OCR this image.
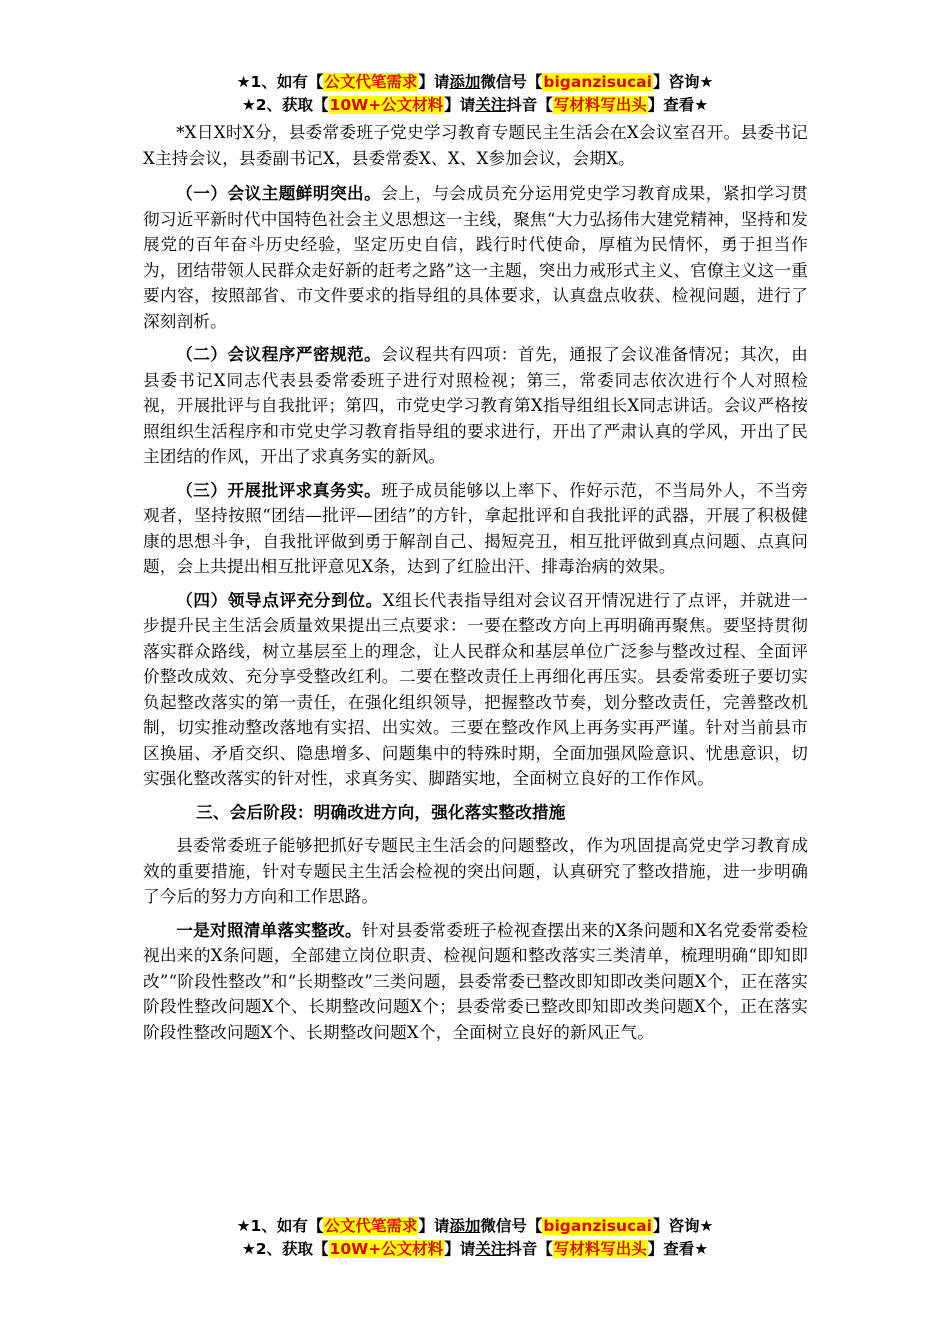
★1、如有【公文代笔需求】请添加微信号【biganzisucai】咨询★
★2、获取【10W+公文材料】请关注抖音【写材料写出头】查看★

*X日X时X分，县委常委班子党史学习教育专题民主生活会在X会议室召开。县委书记X主持会议，县委副书记X，县委常委X、X、X参加会议，会期X。

（一）会议主题鲜明突出。会上，与会成员充分运用党史学习教育成果，紧扣学习贯彻习近平新时代中国特色社会主义思想这一主线，聚焦“大力弘扬伟大建党精神，坚持和发展党的百年奋斗历史经验，坚定历史自信，践行时代使命，厚植为民情怀，勇于担当作为，团结带领人民群众走好新的赶考之路”这一主题，突出力戒形式主义、官僚主义这一重要内容，按照部省、市文件要求的指导组的具体要求，认真盘点收获、检视问题，进行了深刻剖析。

（二）会议程序严密规范。会议程共有四项：首先，通报了会议准备情况；其次，由县委书记X同志代表县委常委班子进行对照检视；第三，常委同志依次进行个人对照检视，开展批评与自我批评；第四，市党史学习教育第X指导组组长X同志讲话。会议严格按照组织生活程序和市党史学习教育指导组的要求进行，开出了严肃认真的学风，开出了民主团结的作风，开出了求真务实的新风。

（三）开展批评求真务实。班子成员能够以上率下、作好示范，不当局外人，不当旁观者，坚持按照“团结—批评—团结”的方针，拿起批评和自我批评的武器，开展了积极健康的思想斗争，自我批评做到勇于解剖自己、揭短亮丑，相互批评做到真点问题、点真问题，会上共提出相互批评意见X条，达到了红脸出汗、排毒治病的效果。

（四）领导点评充分到位。X组长代表指导组对会议召开情况进行了点评，并就进一步提升民主生活会质量效果提出三点要求：一要在整改方向上再明确再聚焦。要坚持贯彻落实群众路线，树立基层至上的理念，让人民群众和基层单位广泛参与整改过程、全面评价整改成效、充分享受整改红利。二要在整改责任上再细化再压实。县委常委班子要切实负起整改落实的第一责任，在强化组织领导，把握整改节奏，划分整改责任，完善整改机制，切实推动整改落地有实招、出实效。三要在整改作风上再务实再严谨。针对当前县市区换届、矛盾交织、隐患增多、问题集中的特殊时期，全面加强风险意识、忧患意识，切实强化整改落实的针对性，求真务实、脚踏实地，全面树立良好的工作作风。

三、会后阶段：明确改进方向，强化落实整改措施

县委常委班子能够把抓好专题民主生活会的问题整改，作为巩固提高党史学习教育成效的重要措施，针对专题民主生活会检视的突出问题，认真研究了整改措施，进一步明确了今后的努力方向和工作思路。

一是对照清单落实整改。针对县委常委班子检视查摆出来的X条问题和X名党委常委检视出来的X条问题，全部建立岗位职责、检视问题和整改落实三类清单，梳理明确“即知即改”“阶段性整改”和“长期整改”三类问题，县委常委已整改即知即改类问题X个，正在落实阶段性整改问题X个、长期整改问题X个；县委常委已整改即知即改类问题X个，正在落实阶段性整改问题X个、长期整改问题X个，全面树立良好的新风正气。

★1、如有【公文代笔需求】请添加微信号【biganzisucai】咨询★
★2、获取【10W+公文材料】请关注抖音【写材料写出头】查看★
